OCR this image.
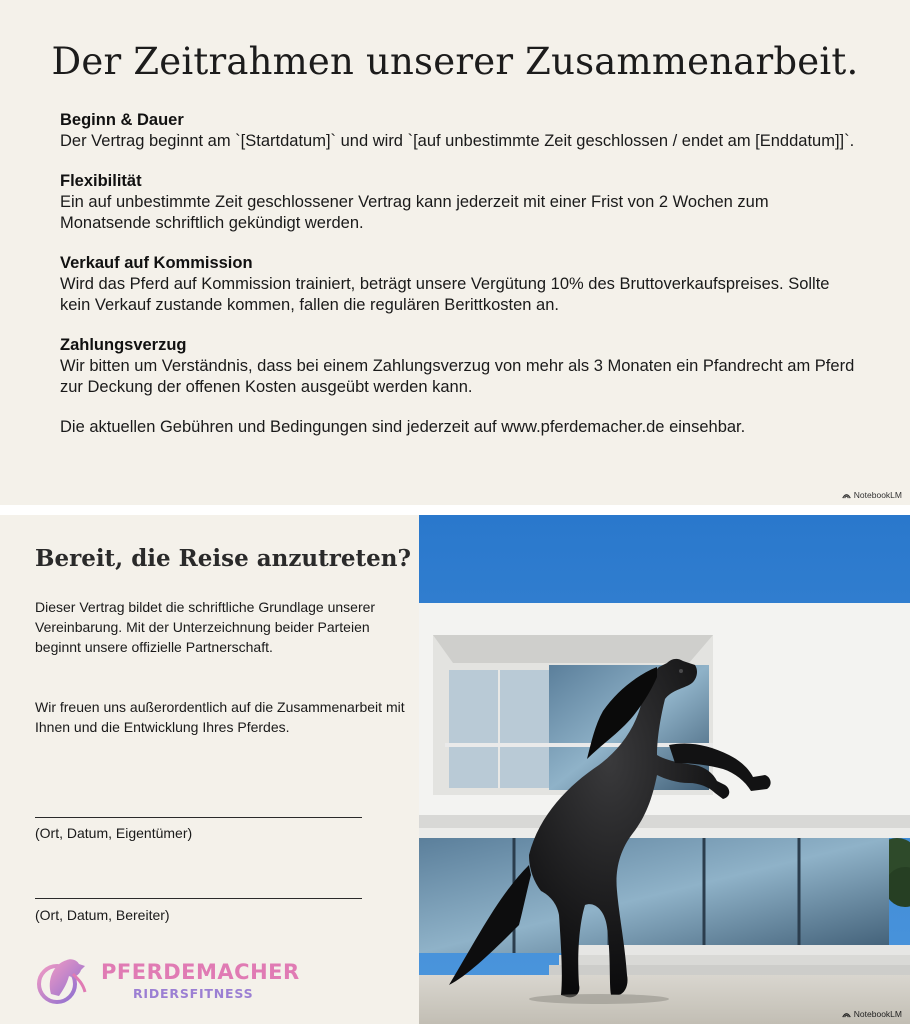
Der Zeitrahmen unserer Zusammenarbeit.
Beginn & Dauer
Der Vertrag beginnt am `[Startdatum]` und wird `[auf unbestimmte Zeit geschlossen / endet am [Enddatum]]`.
Flexibilität
Ein auf unbestimmte Zeit geschlossener Vertrag kann jederzeit mit einer Frist von 2 Wochen zum Monatsende schriftlich gekündigt werden.
Verkauf auf Kommission
Wird das Pferd auf Kommission trainiert, beträgt unsere Vergütung 10% des Bruttoverkaufspreises. Sollte kein Verkauf zustande kommen, fallen die regulären Berittkosten an.
Zahlungsverzug
Wir bitten um Verständnis, dass bei einem Zahlungsverzug von mehr als 3 Monaten ein Pfandrecht am Pferd zur Deckung der offenen Kosten ausgeübt werden kann.
Die aktuellen Gebühren und Bedingungen sind jederzeit auf www.pferdemacher.de einsehbar.
NotebookLM
Bereit, die Reise anzutreten?
Dieser Vertrag bildet die schriftliche Grundlage unserer Vereinbarung. Mit der Unterzeichnung beider Parteien beginnt unsere offizielle Partnerschaft.
Wir freuen uns außerordentlich auf die Zusammenarbeit mit Ihnen und die Entwicklung Ihres Pferdes.
(Ort, Datum, Eigentümer)
(Ort, Datum, Bereiter)
PFERDEMACHER
RIDERSFITNESS
NotebookLM
